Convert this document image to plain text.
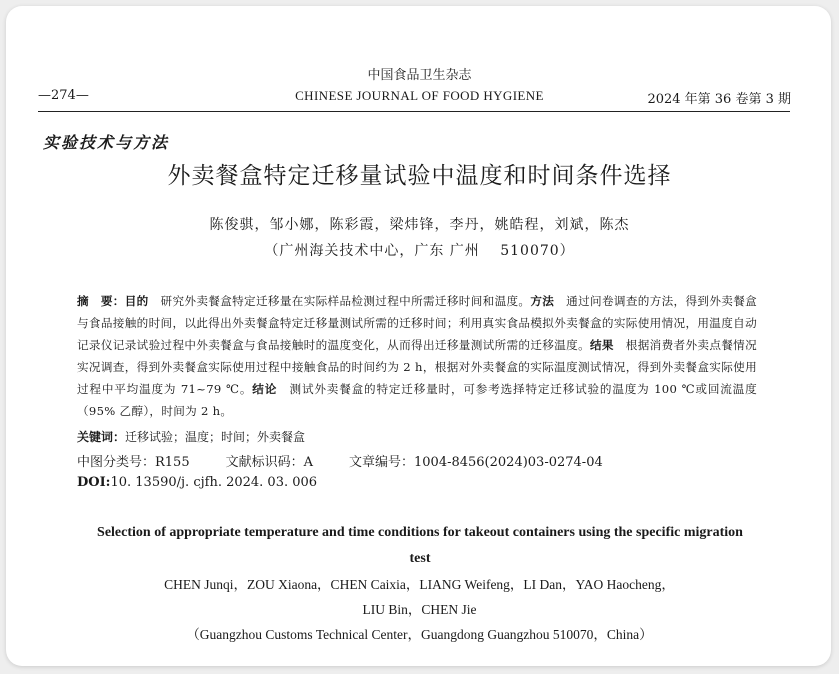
中国食品卫生杂志
—274—	CHINESE JOURNAL OF FOOD HYGIENE	2024 年第 36 卷第 3 期
实验技术与方法
外卖餐盒特定迁移量试验中温度和时间条件选择
陈俊骐，邹小娜，陈彩霞，梁炜锋，李丹，姚皓程，刘斌，陈杰
（广州海关技术中心，广东 广州 　510070）
摘　要：目的　研究外卖餐盒特定迁移量在实际样品检测过程中所需迁移时间和温度。方法　通过问卷调查的方法，得到外卖餐盒与食品接触的时间，以此得出外卖餐盒特定迁移量测试所需的迁移时间；利用真实食品模拟外卖餐盒的实际使用情况，用温度自动记录仪记录试验过程中外卖餐盒与食品接触时的温度变化，从而得出迁移量测试所需的迁移温度。结果　根据消费者外卖点餐情况实况调查，得到外卖餐盒实际使用过程中接触食品的时间约为 2 h，根据对外卖餐盒的实际温度测试情况，得到外卖餐盒实际使用过程中平均温度为 71~79 ℃。结论　测试外卖餐盒的特定迁移量时，可参考选择特定迁移试验的温度为 100 ℃或回流温度（95% 乙醇），时间为 2 h。
关键词：迁移试验；温度；时间；外卖餐盒
中图分类号：R155	文献标识码：A	文章编号：1004-8456(2024)03-0274-04
DOI:10. 13590/j. cjfh. 2024. 03. 006
Selection of appropriate temperature and time conditions for takeout containers using the specific migration test
CHEN Junqi，ZOU Xiaona，CHEN Caixia，LIANG Weifeng，LI Dan，YAO Haocheng，
LIU Bin，CHEN Jie
（Guangzhou Customs Technical Center，Guangdong Guangzhou 510070，China）
